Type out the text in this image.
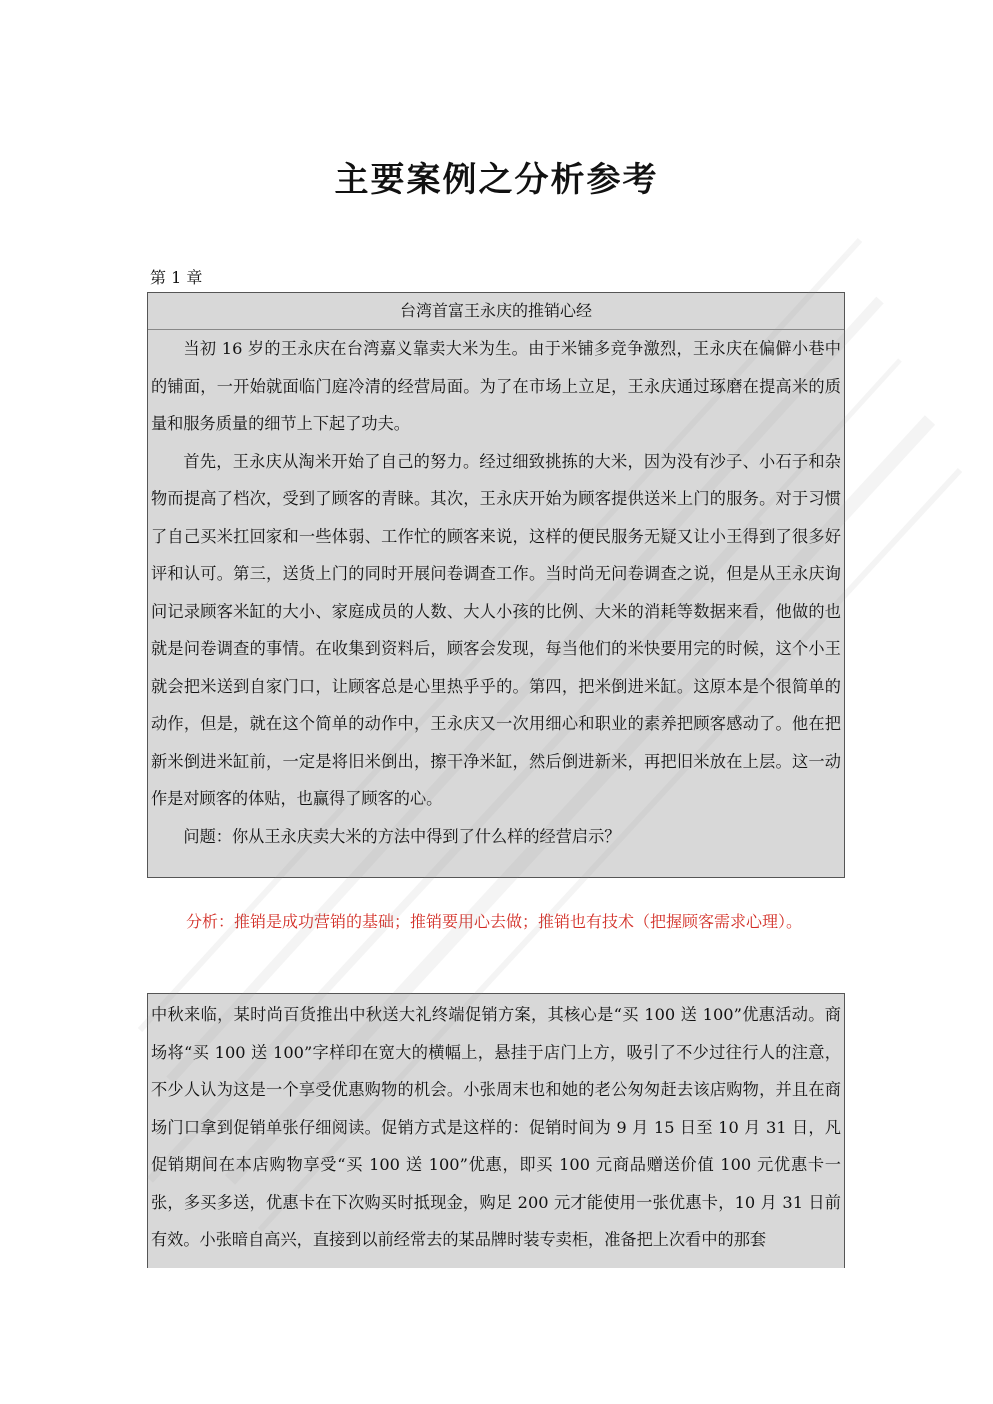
主要案例之分析参考
第 1 章
台湾首富王永庆的推销心经

当初 16 岁的王永庆在台湾嘉义靠卖大米为生。由于米铺多竞争激烈，王永庆在偏僻小巷中的铺面，一开始就面临门庭冷清的经营局面。为了在市场上立足，王永庆通过琢磨在提高米的质量和服务质量的细节上下起了功夫。

首先，王永庆从淘米开始了自己的努力。经过细致挑拣的大米，因为没有沙子、小石子和杂物而提高了档次，受到了顾客的青睐。其次，王永庆开始为顾客提供送米上门的服务。对于习惯了自己买米扛回家和一些体弱、工作忙的顾客来说，这样的便民服务无疑又让小王得到了很多好评和认可。第三，送货上门的同时开展问卷调查工作。当时尚无问卷调查之说，但是从王永庆询问记录顾客米缸的大小、家庭成员的人数、大人小孩的比例、大米的消耗等数据来看，他做的也就是问卷调查的事情。在收集到资料后，顾客会发现，每当他们的米快要用完的时候，这个小王就会把米送到自家门口，让顾客总是心里热乎乎的。第四，把米倒进米缸。这原本是个很简单的动作，但是，就在这个简单的动作中，王永庆又一次用细心和职业的素养把顾客感动了。他在把新米倒进米缸前，一定是将旧米倒出，擦干净米缸，然后倒进新米，再把旧米放在上层。这一动作是对顾客的体贴，也赢得了顾客的心。

问题：你从王永庆卖大米的方法中得到了什么样的经营启示？

分析：推销是成功营销的基础；推销要用心去做；推销也有技术（把握顾客需求心理）。

中秋来临，某时尚百货推出中秋送大礼终端促销方案，其核心是“买 100 送 100”优惠活动。商场将“买 100 送 100”字样印在宽大的横幅上，悬挂于店门上方，吸引了不少过往行人的注意，不少人认为这是一个享受优惠购物的机会。小张周末也和她的老公匆匆赶去该店购物，并且在商场门口拿到促销单张仔细阅读。促销方式是这样的：促销时间为 9 月 15 日至 10 月 31 日，凡促销期间在本店购物享受“买 100 送 100”优惠，即买 100 元商品赠送价值 100 元优惠卡一张，多买多送，优惠卡在下次购买时抵现金，购足 200 元才能使用一张优惠卡，10 月 31 日前有效。小张暗自高兴，直接到以前经常去的某品牌时装专卖柜，准备把上次看中的那套
